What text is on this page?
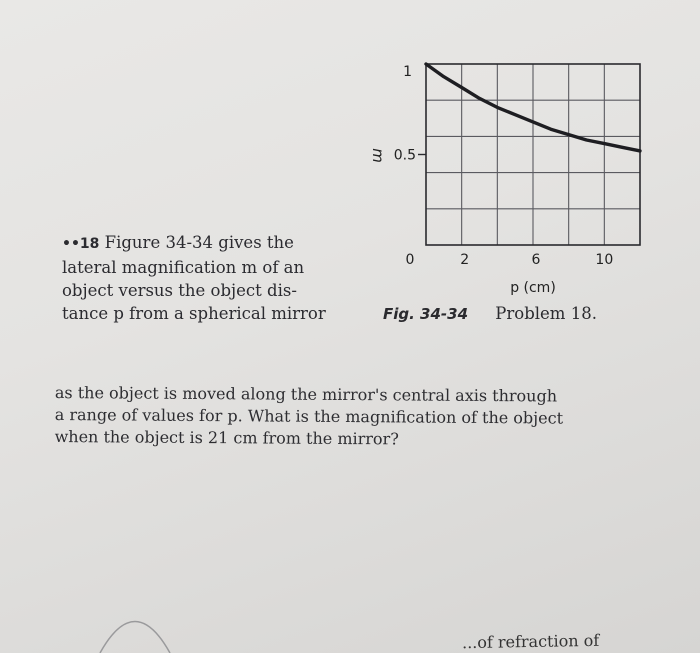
1
0.5
m
0	2	6	10
p (cm)
••18 Figure 34-34 gives the
lateral magnification m of an
object versus the object dis-
tance p from a spherical mirror	Fig. 34-34 Problem 18.
as the object is moved along the mirror's central axis through
a range of values for p. What is the magnification of the object
when the object is 21 cm from the mirror?
...of refraction of
